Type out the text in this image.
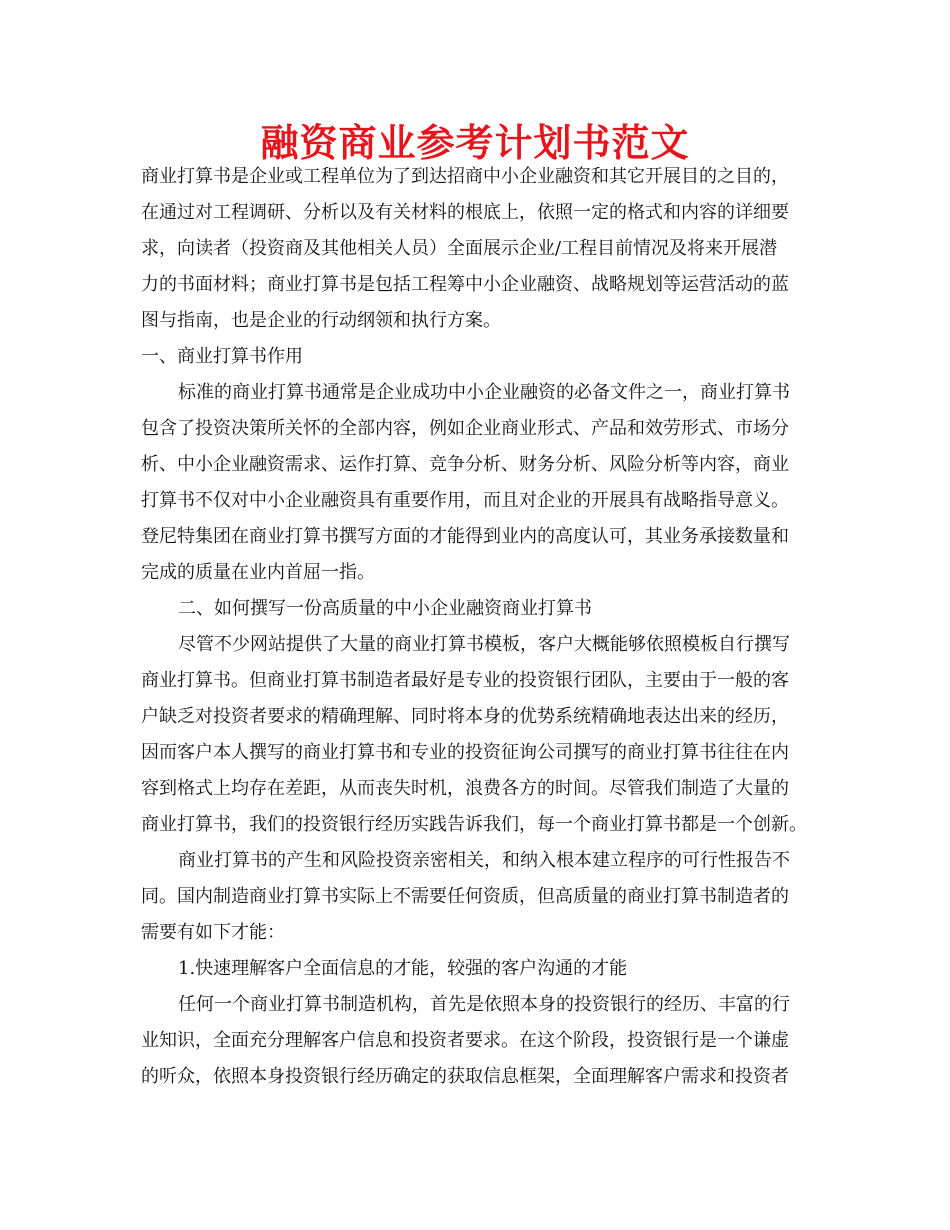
融资商业参考计划书范文
商业打算书是企业或工程单位为了到达招商中小企业融资和其它开展目的之目的，
在通过对工程调研、分析以及有关材料的根底上，依照一定的格式和内容的详细要
求，向读者（投资商及其他相关人员）全面展示企业/工程目前情况及将来开展潜
力的书面材料；商业打算书是包括工程筹中小企业融资、战略规划等运营活动的蓝
图与指南，也是企业的行动纲领和执行方案。
一、商业打算书作用
标准的商业打算书通常是企业成功中小企业融资的必备文件之一，商业打算书
包含了投资决策所关怀的全部内容，例如企业商业形式、产品和效劳形式、市场分
析、中小企业融资需求、运作打算、竞争分析、财务分析、风险分析等内容，商业
打算书不仅对中小企业融资具有重要作用，而且对企业的开展具有战略指导意义。
登尼特集团在商业打算书撰写方面的才能得到业内的高度认可，其业务承接数量和
完成的质量在业内首屈一指。
二、如何撰写一份高质量的中小企业融资商业打算书
尽管不少网站提供了大量的商业打算书模板，客户大概能够依照模板自行撰写
商业打算书。但商业打算书制造者最好是专业的投资银行团队，主要由于一般的客
户缺乏对投资者要求的精确理解、同时将本身的优势系统精确地表达出来的经历，
因而客户本人撰写的商业打算书和专业的投资征询公司撰写的商业打算书往往在内
容到格式上均存在差距，从而丧失时机，浪费各方的时间。尽管我们制造了大量的
商业打算书，我们的投资银行经历实践告诉我们，每一个商业打算书都是一个创新。
商业打算书的产生和风险投资亲密相关，和纳入根本建立程序的可行性报告不
同。国内制造商业打算书实际上不需要任何资质，但高质量的商业打算书制造者的
需要有如下才能：
1.快速理解客户全面信息的才能，较强的客户沟通的才能
任何一个商业打算书制造机构，首先是依照本身的投资银行的经历、丰富的行
业知识，全面充分理解客户信息和投资者要求。在这个阶段，投资银行是一个谦虚
的听众，依照本身投资银行经历确定的获取信息框架，全面理解客户需求和投资者
